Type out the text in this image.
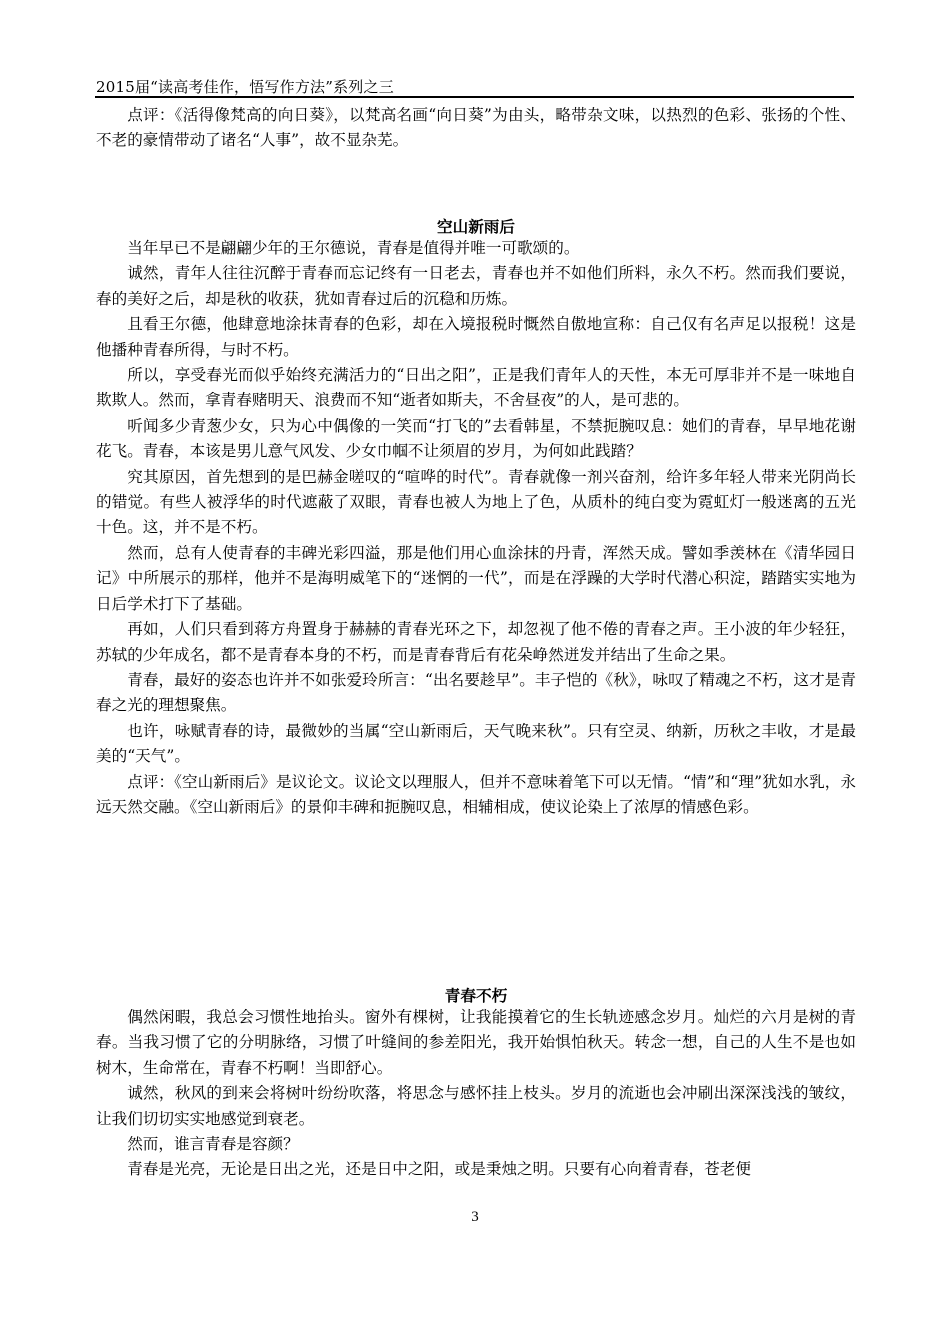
2015届“读高考佳作，悟写作方法”系列之三

点评：《活得像梵高的向日葵》，以梵高名画“向日葵”为由头，略带杂文味，以热烈的色彩、张扬的个性、不老的豪情带动了诸名“人事”，故不显杂芜。

空山新雨后

当年早已不是翩翩少年的王尔德说，青春是值得并唯一可歌颂的。

诚然，青年人往往沉醉于青春而忘记终有一日老去，青春也并不如他们所料，永久不朽。然而我们要说，春的美好之后，却是秋的收获，犹如青春过后的沉稳和历炼。

且看王尔德，他肆意地涂抹青春的色彩，却在入境报税时慨然自傲地宣称：自己仅有名声足以报税！这是他播种青春所得，与时不朽。

所以，享受春光而似乎始终充满活力的“日出之阳”，正是我们青年人的天性，本无可厚非并不是一味地自欺欺人。然而，拿青春赌明天、浪费而不知“逝者如斯夫，不舍昼夜”的人，是可悲的。

听闻多少青葱少女，只为心中偶像的一笑而“打飞的”去看韩星，不禁扼腕叹息：她们的青春，早早地花谢花飞。青春，本该是男儿意气风发、少女巾帼不让须眉的岁月，为何如此践踏？

究其原因，首先想到的是巴赫金嗟叹的“喧哗的时代”。青春就像一剂兴奋剂，给许多年轻人带来光阴尚长的错觉。有些人被浮华的时代遮蔽了双眼，青春也被人为地上了色，从质朴的纯白变为霓虹灯一般迷离的五光十色。这，并不是不朽。

然而，总有人使青春的丰碑光彩四溢，那是他们用心血涂抹的丹青，浑然天成。譬如季羡林在《清华园日记》中所展示的那样，他并不是海明威笔下的“迷惘的一代”，而是在浮躁的大学时代潜心积淀，踏踏实实地为日后学术打下了基础。

再如，人们只看到蒋方舟置身于赫赫的青春光环之下，却忽视了他不倦的青春之声。王小波的年少轻狂，苏轼的少年成名，都不是青春本身的不朽，而是青春背后有花朵峥然迸发并结出了生命之果。

青春，最好的姿态也许并不如张爱玲所言：“出名要趁早”。丰子恺的《秋》，咏叹了精魂之不朽，这才是青春之光的理想聚焦。

也许，咏赋青春的诗，最微妙的当属“空山新雨后，天气晚来秋”。只有空灵、纳新，历秋之丰收，才是最美的“天气”。

点评：《空山新雨后》是议论文。议论文以理服人，但并不意味着笔下可以无情。“情”和“理”犹如水乳，永远天然交融。《空山新雨后》的景仰丰碑和扼腕叹息，相辅相成，使议论染上了浓厚的情感色彩。

青春不朽

偶然闲暇，我总会习惯性地抬头。窗外有棵树，让我能摸着它的生长轨迹感念岁月。灿烂的六月是树的青春。当我习惯了它的分明脉络，习惯了叶缝间的参差阳光，我开始惧怕秋天。转念一想，自己的人生不是也如树木，生命常在，青春不朽啊！当即舒心。

诚然，秋风的到来会将树叶纷纷吹落，将思念与感怀挂上枝头。岁月的流逝也会冲刷出深深浅浅的皱纹，让我们切切实实地感觉到衰老。

然而，谁言青春是容颜？

青春是光亮，无论是日出之光，还是日中之阳，或是秉烛之明。只要有心向着青春，苍老便

3
